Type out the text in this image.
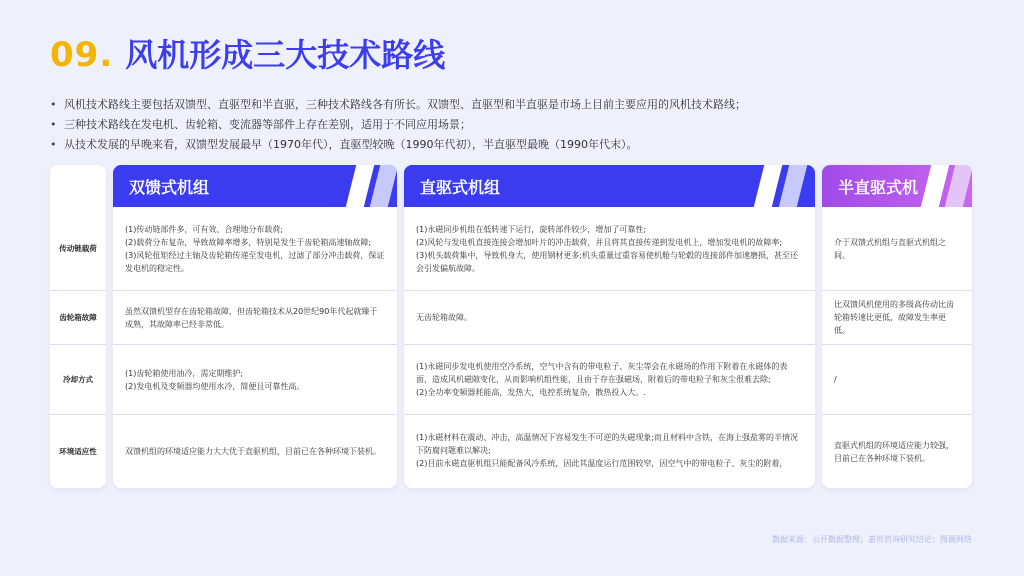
09. 风机形成三大技术路线
• 风机技术路线主要包括双馈型、直驱型和半直驱，三种技术路线各有所长。双馈型、直驱型和半直驱是市场上目前主要应用的风机技术路线；
• 三种技术路线在发电机、齿轮箱、变流器等部件上存在差别，适用于不同应用场景；
• 从技术发展的早晚来看，双馈型发展最早（1970年代），直驱型较晚（1990年代初），半直驱型最晚（1990年代末）。
传动链载荷
齿轮箱故障
冷却方式
环境适应性
双馈式机组
(1)传动链部件多，可有效、合理地分布载荷;
(2)载荷分布复杂，导致故障率增多，特别是发生于齿轮箱高速轴故障;
(3)风轮扭矩经过主轴及齿轮箱传递至发电机，过滤了部分冲击载荷，保证发电机的稳定性。
虽然双馈机型存在齿轮箱故障，但齿轮箱技术从20世纪90年代起就臻于成熟，其故障率已经非常低。
(1)齿轮箱使用油冷，需定期维护;
(2)发电机及变频器均使用水冷，简便且可靠性高。
双馈机组的环境适应能力大大优于直驱机组，目前已在各种环境下装机。
直驱式机组
(1)永磁同步机组在低转速下运行，旋转部件较少，增加了可靠性;
(2)风轮与发电机直接连接会增加叶片的冲击载荷，并且将其直接传递到发电机上，增加发电机的故障率;
(3)机头载荷集中，导致机身大，使用钢材更多;机头重量过重容易使机舱与轮毂的连接部件加速磨损，甚至还会引发偏航故障。
无齿轮箱故障。
(1)永磁同步发电机使用空冷系统，空气中含有的带电粒子、灰尘等会在永磁场的作用下附着在永磁体的表面，造成风机磁隙变化，从而影响机组性能，且由于存在强磁场，附着后的带电粒子和灰尘很难去除;
(2)全功率变频器耗能高，发热大，电控系统复杂，散热投入大。.
(1)永磁材料在震动、冲击，高温情况下容易发生不可逆的失磁现象;而且材料中含铁，在海上强盐雾的半情况下防腐问题难以解决;
(2)目前永磁直驱机组只能配备风冷系统，因此其温度运行范围较窄，因空气中的带电粒子、灰尘的附着，
半直驱式机
介于双馈式机组与直驱式机组之间。
比双馈风机使用的多级高传动比齿轮箱转速比更低，故障发生率更低。
/
直驱式机组的环境适应能力较强，目前已在各种环境下装机。
数据来源：公开数据整理；嘉世咨询研究结论；图源网络
